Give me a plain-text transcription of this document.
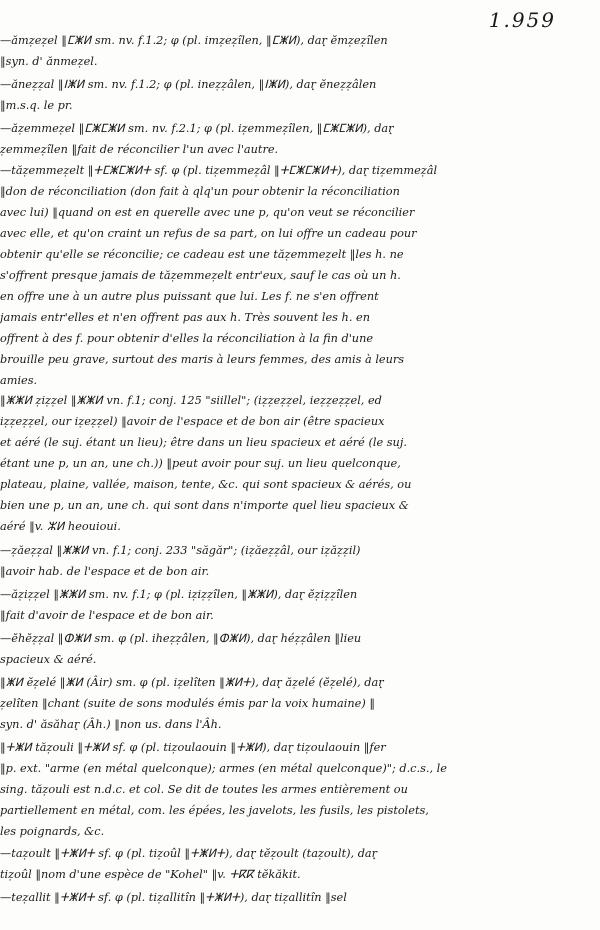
1.959
—ămẓeẓel ‖ⵎⵥⵍ sm. nv. f.1.2; φ (pl. imẓeẓîlen, ‖ⵎⵥⵍ), dar̨ ĕmẓeẓîlen
‖syn. d' ănmeẓel.
—ăneẓẓal ‖ⵏⵥⵍ sm. nv. f.1.2; φ (pl. ineẓẓâlen, ‖ⵏⵥⵍ), dar̨ ĕneẓẓâlen
‖m.s.q. le pr.
—ăẓemmeẓel ‖ⵎⵥⵎⵥⵍ sm. nv. f.2.1; φ (pl. iẓemmeẓîlen, ‖ⵎⵥⵎⵥⵍ), dar̨
ẓemmeẓîlen ‖fait de réconcilier l'un avec l'autre.
—tăẓemmeẓelt ‖ⵜⵎⵥⵎⵥⵍⵜ sf. φ (pl. tiẓemmeẓâl ‖ⵜⵎⵥⵎⵥⵍⵜ), dar̨ tiẓemmeẓâl
‖don de réconciliation (don fait à qlq'un pour obtenir la réconciliation
avec lui) ‖quand on est en querelle avec une p, qu'on veut se réconcilier
avec elle, et qu'on craint un refus de sa part, on lui offre un cadeau pour
obtenir qu'elle se réconcilie; ce cadeau est une tăẓemmeẓelt ‖les h. ne
s'offrent presque jamais de tăẓemmeẓelt entr'eux, sauf le cas où un h.
en offre une à un autre plus puissant que lui. Les f. ne s'en offrent
jamais entr'elles et n'en offrent pas aux h. Très souvent les h. en
offrent à des f. pour obtenir d'elles la réconciliation à la fin d'une
brouille peu grave, surtout des maris à leurs femmes, des amis à leurs
amies.
‖ⵥⵥⵍ ẓiẓẓel ‖ⵥⵥⵍ vn. f.1; conj. 125 "siillel"; (iẓẓeẓẓel, ieẓẓeẓẓel, ed
iẓẓeẓẓel, our iẓeẓẓel) ‖avoir de l'espace et de bon air (être spacieux
et aéré (le suj. étant un lieu); être dans un lieu spacieux et aéré (le suj.
étant une p, un an, une ch.)) ‖peut avoir pour suj. un lieu quelconque,
plateau, plaine, vallée, maison, tente, &c. qui sont spacieux & aérés, ou
bien une p, un an, une ch. qui sont dans n'importe quel lieu spacieux &
aéré ‖v. ⵣⵍ heouioui.
—ẓăeẓẓal ‖ⵥⵥⵍ vn. f.1; conj. 233 "săgăr"; (iẓăeẓẓâl, our iẓăẓẓil)
‖avoir hab. de l'espace et de bon air.
—ăẓiẓẓel ‖ⵥⵥⵍ sm. nv. f.1; φ (pl. iẓiẓẓîlen, ‖ⵥⵥⵍ), dar̨ ĕẓiẓẓîlen
‖fait d'avoir de l'espace et de bon air.
—ĕhĕẓẓal ‖ⵀⵥⵍ sm. φ (pl. iheẓẓâlen, ‖ⵀⵥⵍ), dar̨ héẓẓâlen ‖lieu
spacieux & aéré.
‖ⵥⵍ ĕẓelé ‖ⵥⵍ (Âir) sm. φ (pl. iẓelîten ‖ⵥⵍⵜ), dar̨ ăẓelé (ĕẓelé), dar̨
ẓelîten ‖chant (suite de sons modulés émis par la voix humaine) ‖
syn. d' ăsăhar̨ (Âh.) ‖non us. dans l'Âh.
‖ⵜⵥⵍ tăẓouli ‖ⵜⵥⵍ sf. φ (pl. tiẓoulaouin ‖ⵜⵥⵍ), dar̨ tiẓoulaouin ‖fer
‖p. ext. "arme (en métal quelconque); armes (en métal quelconque)"; d.c.s., le
sing. tăẓouli est n.d.c. et col. Se dit de toutes les armes entièrement ou
partiellement en métal, com. les épées, les javelots, les fusils, les pistolets,
les poignards, &c.
—taẓoult ‖ⵜⵥⵍⵜ sf. φ (pl. tiẓoûl ‖ⵜⵥⵍⵜ), dar̨ tĕẓoult (taẓoult), dar̨
tiẓoûl ‖nom d'une espèce de "Kohel" ‖v. ⵜⴽⴽ tĕkăkit.
—teẓallit ‖ⵜⵥⵍⵜ sf. φ (pl. tiẓallitîn ‖ⵜⵥⵍⵜ), dar̨ tiẓallitîn ‖sel
